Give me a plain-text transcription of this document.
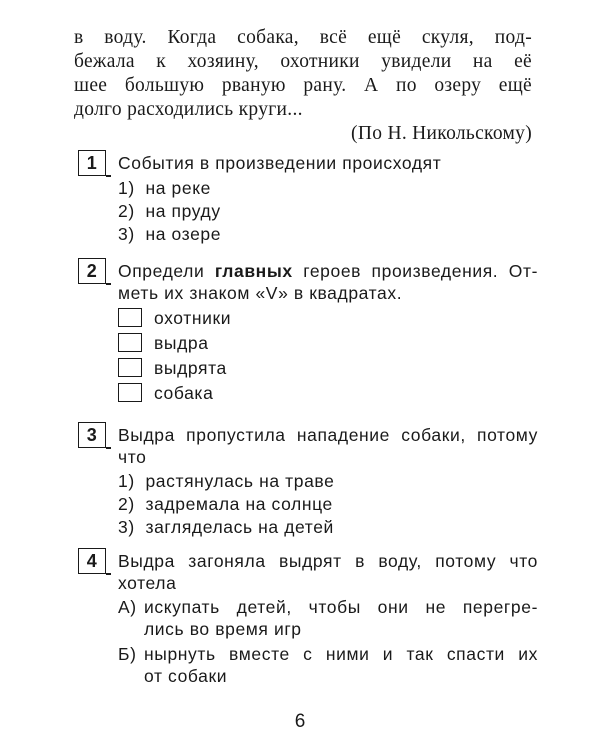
в воду. Когда собака, всё ещё скуля, под-
бежала к хозяину, охотники увидели на её
шее большую рваную рану. А по озеру ещё
долго расходились круги...
(По Н. Никольскому)
1	События в произведении происходят
1) на реке
2) на пруду
3) на озере
2	Определи главных героев произведения. От-
меть их знаком «V» в квадратах.
охотники
выдра
выдрята
собака
3	Выдра пропустила нападение собаки, потому
что
1) растянулась на траве
2) задремала на солнце
3) загляделась на детей
4	Выдра загоняла выдрят в воду, потому что
хотела
А) искупать детей, чтобы они не перегре-
лись во время игр
Б) нырнуть вместе с ними и так спасти их
от собаки
6
